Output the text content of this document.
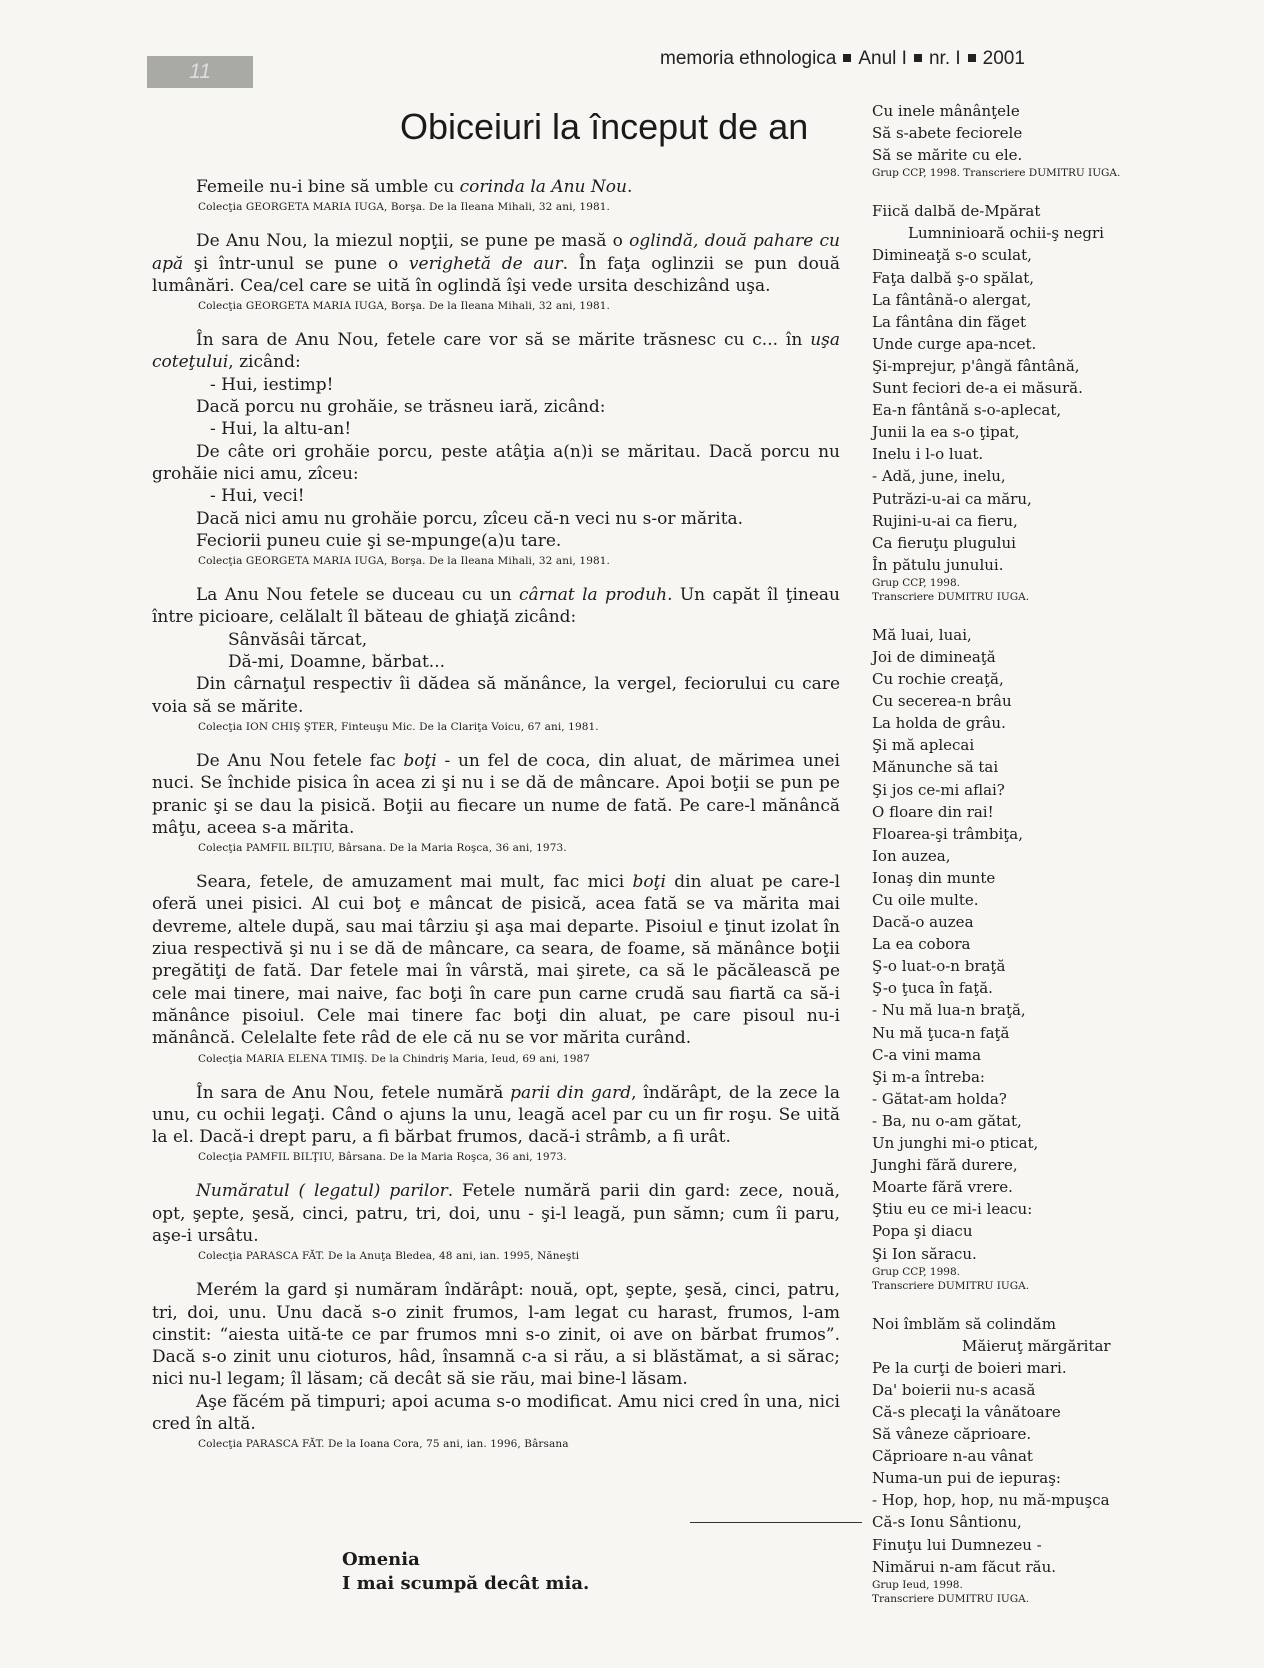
11
memoria ethnologica Anul I nr. I 2001
Obiceiuri la început de an

Femeile nu-i bine să umble cu corinda la Anu Nou.

Colecţia GEORGETA MARIA IUGA, Borşa. De la Ileana Mihali, 32 ani, 1981.

De Anu Nou, la miezul nopţii, se pune pe masă o oglindă, două pahare cu apă şi într-unul se pune o verighetă de aur. În faţa oglinzii se pun două lumânări. Cea/cel care se uită în oglindă îşi vede ursita deschizând uşa.

Colecţia GEORGETA MARIA IUGA, Borşa. De la Ileana Mihali, 32 ani, 1981.

În sara de Anu Nou, fetele care vor să se mărite trăsnesc cu c... în uşa coteţului, zicând:

- Hui, iestimp!

Dacă porcu nu grohăie, se trăsneu iară, zicând:

- Hui, la altu-an!

De câte ori grohăie porcu, peste atâţia a(n)i se măritau. Dacă porcu nu grohăie nici amu, zîceu:

- Hui, veci!

Dacă nici amu nu grohăie porcu, zîceu că-n veci nu s-or mărita.

Feciorii puneu cuie şi se-mpunge(a)u tare.

Colecţia GEORGETA MARIA IUGA, Borşa. De la Ileana Mihali, 32 ani, 1981.

La Anu Nou fetele se duceau cu un cârnat la produh. Un capăt îl ţineau între picioare, celălalt îl băteau de ghiaţă zicând:

Sânvăsâi tărcat,

Dă-mi, Doamne, bărbat...

Din cârnaţul respectiv îi dădea să mănânce, la vergel, feciorului cu care voia să se mărite.

Colecţia ION CHIŞ ŞTER, Finteuşu Mic. De la Clariţa Voicu, 67 ani, 1981.

De Anu Nou fetele fac boţi - un fel de coca, din aluat, de mărimea unei nuci. Se închide pisica în acea zi şi nu i se dă de mâncare. Apoi boţii se pun pe pranic şi se dau la pisică. Boţii au fiecare un nume de fată. Pe care-l mănâncă mâţu, aceea s-a mărita.

Colecţia PAMFIL BILŢIU, Bârsana. De la Maria Roşca, 36 ani, 1973.

Seara, fetele, de amuzament mai mult, fac mici boţi din aluat pe care-l oferă unei pisici. Al cui boţ e mâncat de pisică, acea fată se va mărita mai devreme, altele după, sau mai târziu şi aşa mai departe. Pisoiul e ţinut izolat în ziua respectivă şi nu i se dă de mâncare, ca seara, de foame, să mănânce boţii pregătiţi de fată. Dar fetele mai în vârstă, mai şirete, ca să le păcălească pe cele mai tinere, mai naive, fac boţi în care pun carne crudă sau fiartă ca să-i mănânce pisoiul. Cele mai tinere fac boţi din aluat, pe care pisoul nu-i mănâncă. Celelalte fete râd de ele că nu se vor mărita curând.

Colecţia MARIA ELENA TIMIŞ. De la Chindriş Maria, Ieud, 69 ani, 1987

În sara de Anu Nou, fetele numără parii din gard, îndărâpt, de la zece la unu, cu ochii legaţi. Când o ajuns la unu, leagă acel par cu un fir roşu. Se uită la el. Dacă-i drept paru, a fi bărbat frumos, dacă-i strâmb, a fi urât.

Colecţia PAMFIL BILŢIU, Bârsana. De la Maria Roşca, 36 ani, 1973.

Număratul ( legatul) parilor. Fetele numără parii din gard: zece, nouă, opt, şepte, şesă, cinci, patru, tri, doi, unu - şi-l leagă, pun sămn; cum îi paru, aşe-i ursâtu.

Colecţia PARASCA FĂT. De la Anuţa Bledea, 48 ani, ian. 1995, Năneşti

Merém la gard şi număram îndărâpt: nouă, opt, şepte, şesă, cinci, patru, tri, doi, unu. Unu dacă s-o zinit frumos, l-am legat cu harast, frumos, l-am cinstit: “aiesta uită-te ce par frumos mni s-o zinit, oi ave on bărbat frumos”. Dacă s-o zinit unu cioturos, hâd, însamnă c-a si rău, a si blăstămat, a si sărac; nici nu-l legam; îl lăsam; că decât să sie rău, mai bine-l lăsam.

Aşe făcém pă timpuri; apoi acuma s-o modificat. Amu nici cred în una, nici cred în altă.

Colecţia PARASCA FĂT. De la Ioana Cora, 75 ani, ian. 1996, Bârsana
Omenia
I mai scumpă decât mia.
Cu inele mânânţele
Să s-abete feciorele
Să se mărite cu ele.
Grup CCP, 1998. Transcriere DUMITRU IUGA.
Fiică dalbă de-Mpărat
Lumninioară ochii-ş negri
Dimineaţă s-o sculat,
Faţa dalbă ş-o spălat,
La fântână-o alergat,
La fântâna din făget
Unde curge apa-ncet.
Şi-mprejur, p'ângă fântână,
Sunt feciori de-a ei măsură.
Ea-n fântână s-o-aplecat,
Junii la ea s-o ţipat,
Inelu i l-o luat.
- Adă, june, inelu,
Putrăzi-u-ai ca măru,
Rujini-u-ai ca fieru,
Ca fieruţu plugului
În pătulu junului.
Grup CCP, 1998.
Transcriere DUMITRU IUGA.
Mă luai, luai,
Joi de dimineaţă
Cu rochie creaţă,
Cu secerea-n brâu
La holda de grâu.
Şi mă aplecai
Mănunche să tai
Şi jos ce-mi aflai?
O floare din rai!
Floarea-şi trâmbiţa,
Ion auzea,
Ionaş din munte
Cu oile multe.
Dacă-o auzea
La ea cobora
Ş-o luat-o-n braţă
Ş-o ţuca în faţă.
- Nu mă lua-n braţă,
Nu mă ţuca-n faţă
C-a vini mama
Şi m-a întreba:
- Gătat-am holda?
- Ba, nu o-am gătat,
Un junghi mi-o pticat,
Junghi fără durere,
Moarte fără vrere.
Ştiu eu ce mi-i leacu:
Popa şi diacu
Şi Ion săracu.
Grup CCP, 1998.
Transcriere DUMITRU IUGA.
Noi îmblăm să colindăm
Măieruţ mărgăritar
Pe la curţi de boieri mari.
Da' boierii nu-s acasă
Că-s plecaţi la vânătoare
Să vâneze căprioare.
Căprioare n-au vânat
Numa-un pui de iepuraş:
- Hop, hop, hop, nu mă-mpuşca
Că-s Ionu Sântionu,
Finuţu lui Dumnezeu -
Nimărui n-am făcut rău.
Grup Ieud, 1998.
Transcriere DUMITRU IUGA.
